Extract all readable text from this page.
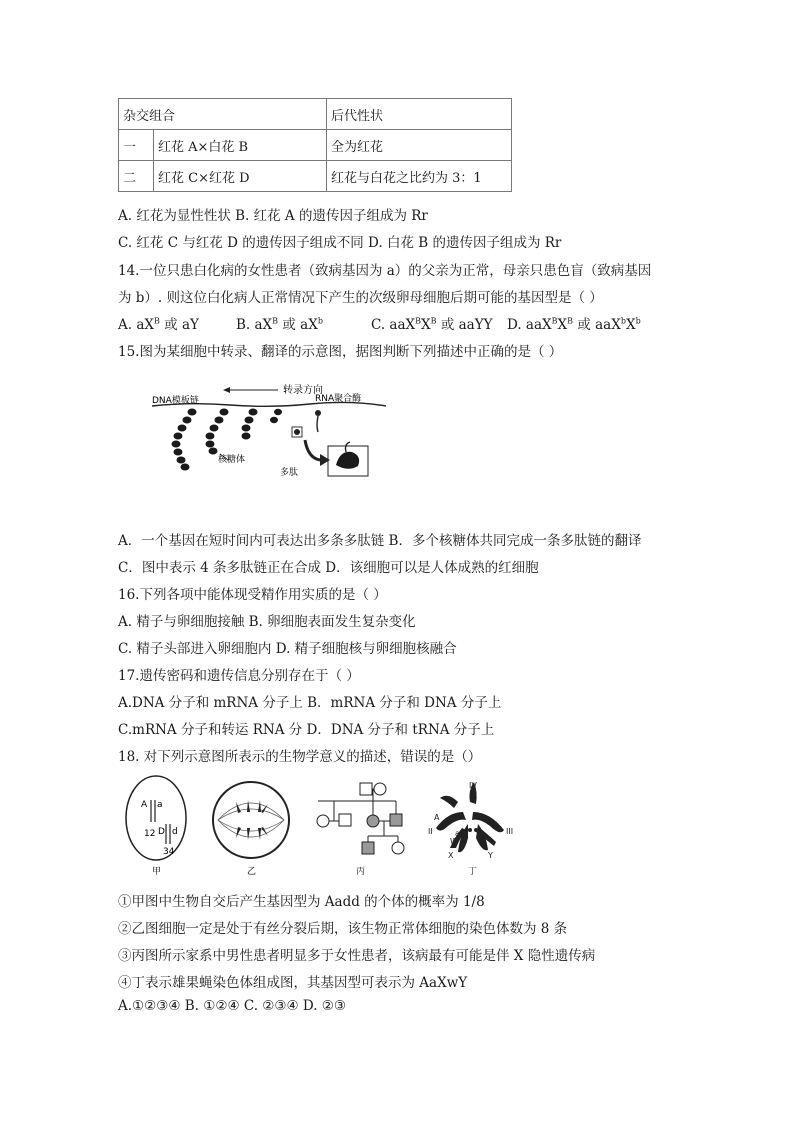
杂交组合		后代性状
一	红花 A×白花 B	全为红花
二	红花 C×红花 D	红花与白花之比约为 3：1
A. 红花为显性性状 B. 红花 A 的遗传因子组成为 Rr
C. 红花 C 与红花 D 的遗传因子组成不同 D. 白花 B 的遗传因子组成为 Rr
14.一位只患白化病的女性患者（致病基因为 a）的父亲为正常，母亲只患色盲（致病基因
为 b）. 则这位白化病人正常情况下产生的次级卵母细胞后期可能的基因型是（ ）
A. $aX^B$ 或 aY	B. $aX^B$ 或 $aX^b$	C. $aaX^BX^B$ 或 aaYY D. $aaX^BX^B$ 或 $aaX^bX^b$
15.图为某细胞中转录、翻译的示意图，据图判断下列描述中正确的是（ ）
DNA模板链
转录方向
RNA聚合酶
核糖体
多肽
A．一个基因在短时间内可表达出多条多肽链 B．多个核糖体共同完成一条多肽链的翻译
C．图中表示 4 条多肽链正在合成 D．该细胞可以是人体成熟的红细胞
16.下列各项中能体现受精作用实质的是（ ）
A. 精子与卵细胞接触 B. 卵细胞表面发生复杂变化
C. 精子头部进入卵细胞内 D. 精子细胞核与卵细胞核融合
17.遗传密码和遗传信息分别存在于（ ）
A.DNA 分子和 mRNA 分子上 B．mRNA 分子和 DNA 分子上
C.mRNA 分子和转运 RNA 分 D．DNA 分子和 tRNA 分子上
18. 对下列示意图所表示的生物学意义的描述，错误的是（）
A a
12 D d
34
甲	乙	丙
IV
II	III
A
a
W
X	Y
丁
①甲图中生物自交后产生基因型为 Aadd 的个体的概率为 1/8
②乙图细胞一定是处于有丝分裂后期，该生物正常体细胞的染色体数为 8 条
③丙图所示家系中男性患者明显多于女性患者，该病最有可能是伴 X 隐性遗传病
④丁表示雄果蝇染色体组成图，其基因型可表示为 AaXwY
A.①②③④ B. ①②④ C. ②③④ D. ②③
